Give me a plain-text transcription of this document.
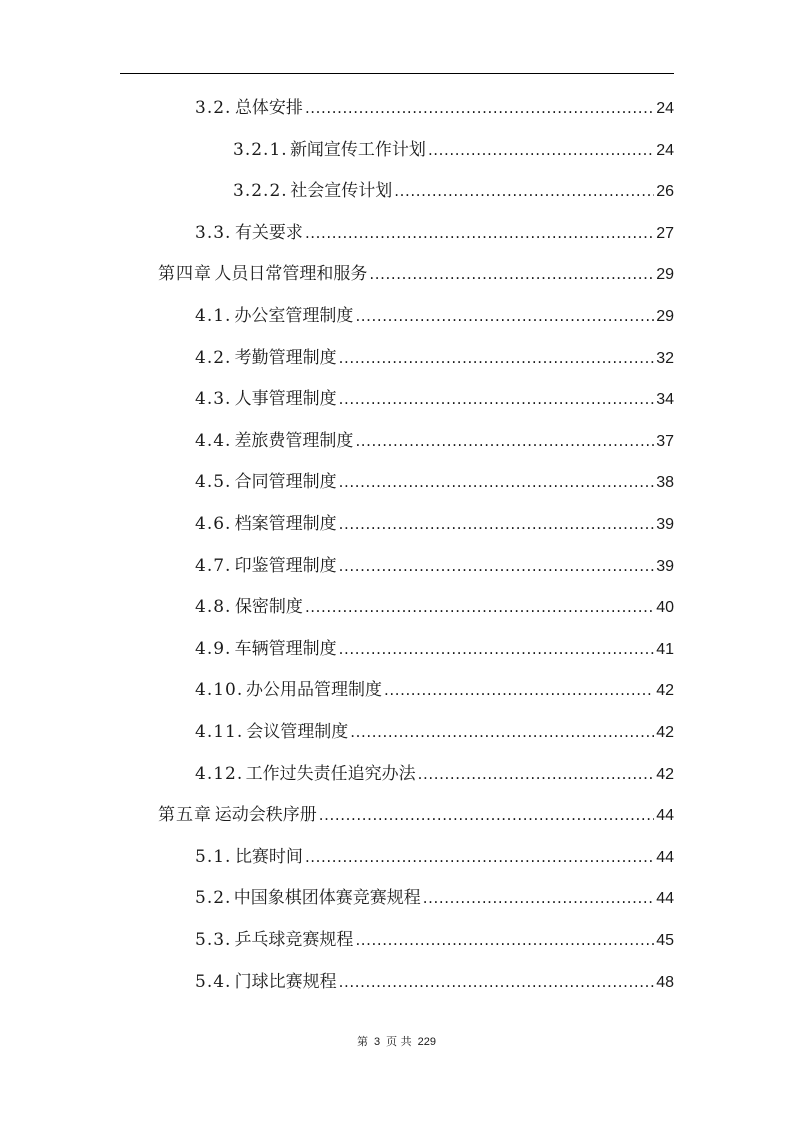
3.2. 总体安排 .....	24
3.2.1. 新闻宣传工作计划 .....	24
3.2.2. 社会宣传计划 .....	26
3.3. 有关要求 .....	27
第四章 人员日常管理和服务 .....	29
4.1. 办公室管理制度 .....	29
4.2. 考勤管理制度 .....	32
4.3. 人事管理制度 .....	34
4.4. 差旅费管理制度 .....	37
4.5. 合同管理制度 .....	38
4.6. 档案管理制度 .....	39
4.7. 印鉴管理制度 .....	39
4.8. 保密制度 .....	40
4.9. 车辆管理制度 .....	41
4.10. 办公用品管理制度 .....	42
4.11. 会议管理制度 .....	42
4.12. 工作过失责任追究办法 .....	42
第五章 运动会秩序册 .....	44
5.1. 比赛时间 .....	44
5.2. 中国象棋团体赛竞赛规程 .....	44
5.3. 乒乓球竞赛规程 .....	45
5.4. 门球比赛规程 .....	48
第 3 页 共 229
